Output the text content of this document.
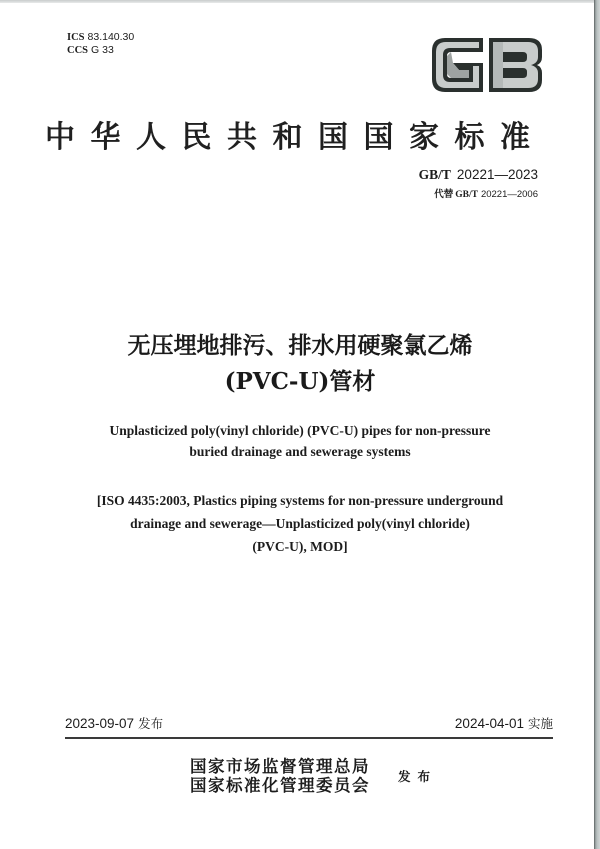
ICS 83.140.30
CCS G 33
中华人民共和国国家标准
GB/T 20221—2023
代替 GB/T 20221—2006
无压埋地排污、排水用硬聚氯乙烯
(PVC-U)管材
Unplasticized poly(vinyl chloride) (PVC-U) pipes for non-pressure
buried drainage and sewerage systems
[ISO 4435:2003, Plastics piping systems for non-pressure underground
drainage and sewerage—Unplasticized poly(vinyl chloride)
(PVC-U), MOD]
2023-09-07 发布	2024-04-01 实施
国家市场监督管理总局
国家标准化管理委员会 发布
